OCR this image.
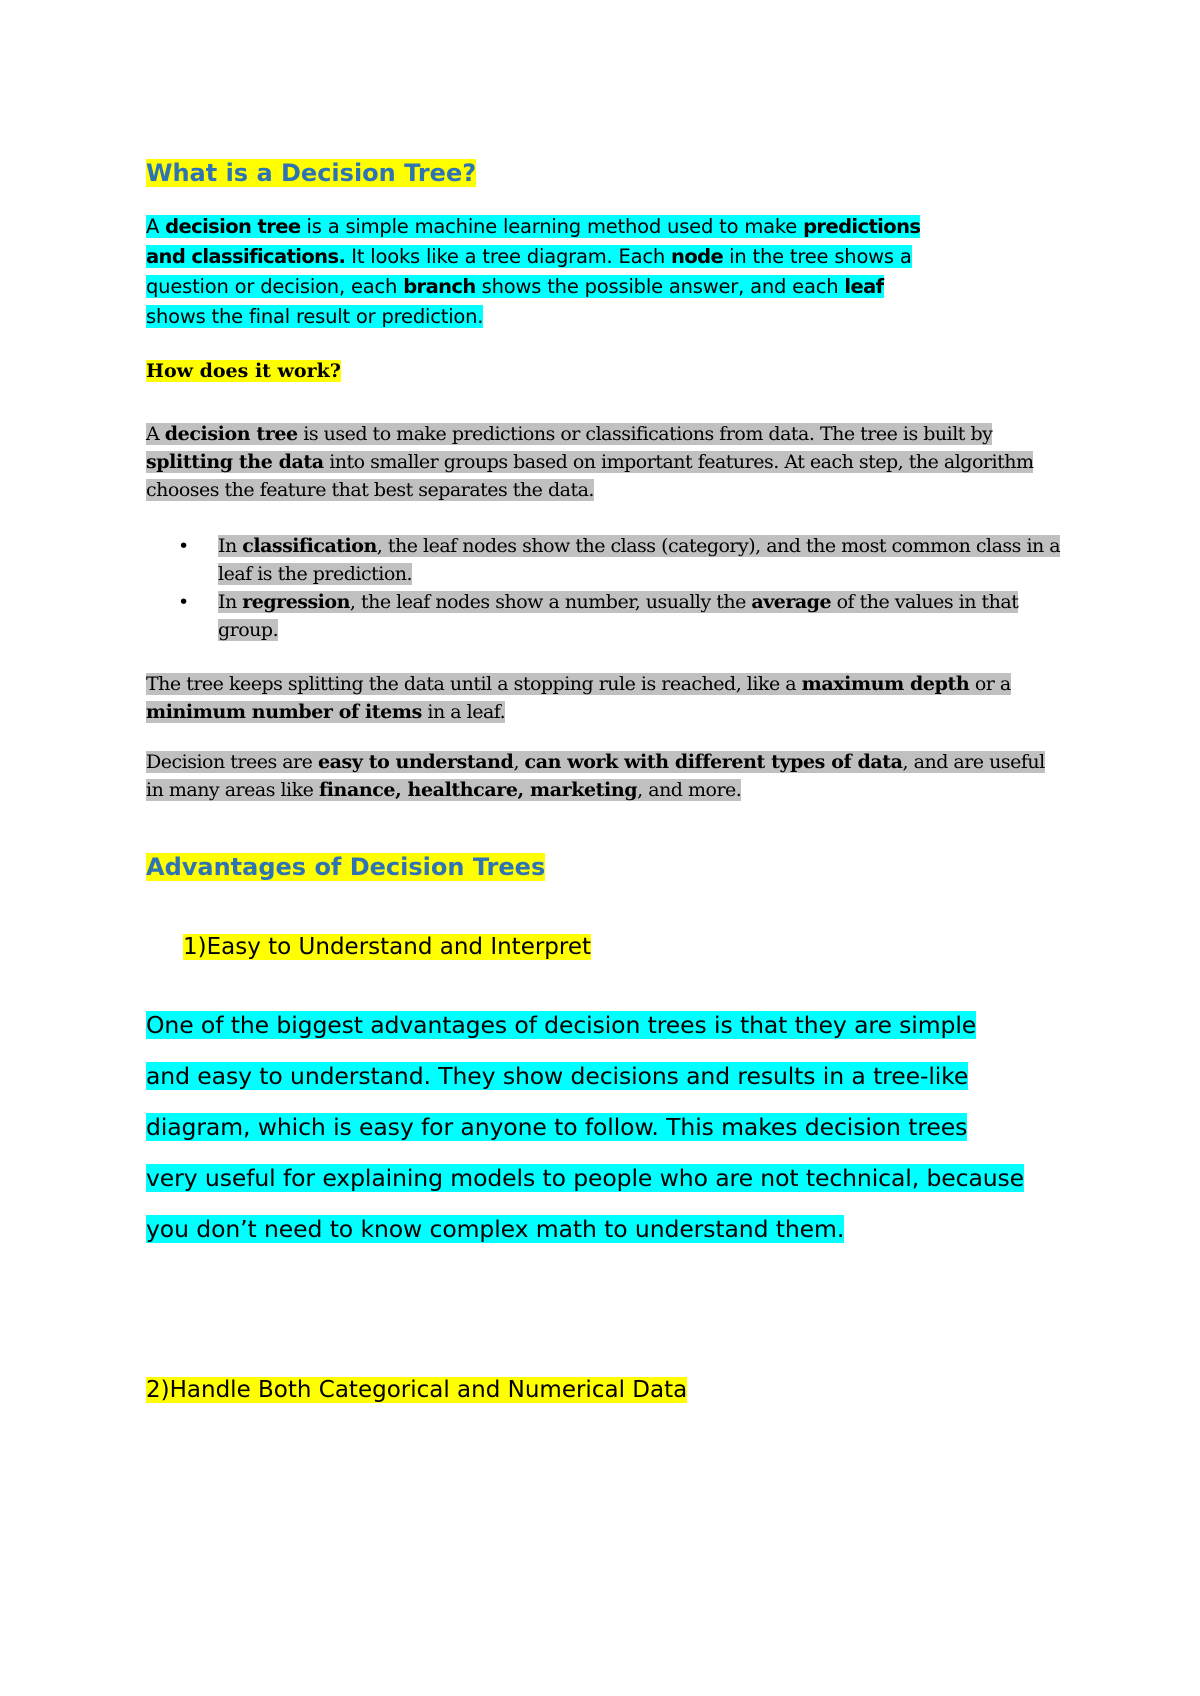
What is a Decision Tree?

A decision tree is a simple machine learning method used to make predictions and classifications. It looks like a tree diagram. Each node in the tree shows a question or decision, each branch shows the possible answer, and each leaf shows the final result or prediction.

How does it work?

A decision tree is used to make predictions or classifications from data. The tree is built by splitting the data into smaller groups based on important features. At each step, the algorithm chooses the feature that best separates the data.

• In classification, the leaf nodes show the class (category), and the most common class in a leaf is the prediction.
• In regression, the leaf nodes show a number, usually the average of the values in that group.

The tree keeps splitting the data until a stopping rule is reached, like a maximum depth or a minimum number of items in a leaf.

Decision trees are easy to understand, can work with different types of data, and are useful in many areas like finance, healthcare, marketing, and more.

Advantages of Decision Trees

1)Easy to Understand and Interpret

One of the biggest advantages of decision trees is that they are simple and easy to understand. They show decisions and results in a tree-like diagram, which is easy for anyone to follow. This makes decision trees very useful for explaining models to people who are not technical, because you don’t need to know complex math to understand them.

2)Handle Both Categorical and Numerical Data
